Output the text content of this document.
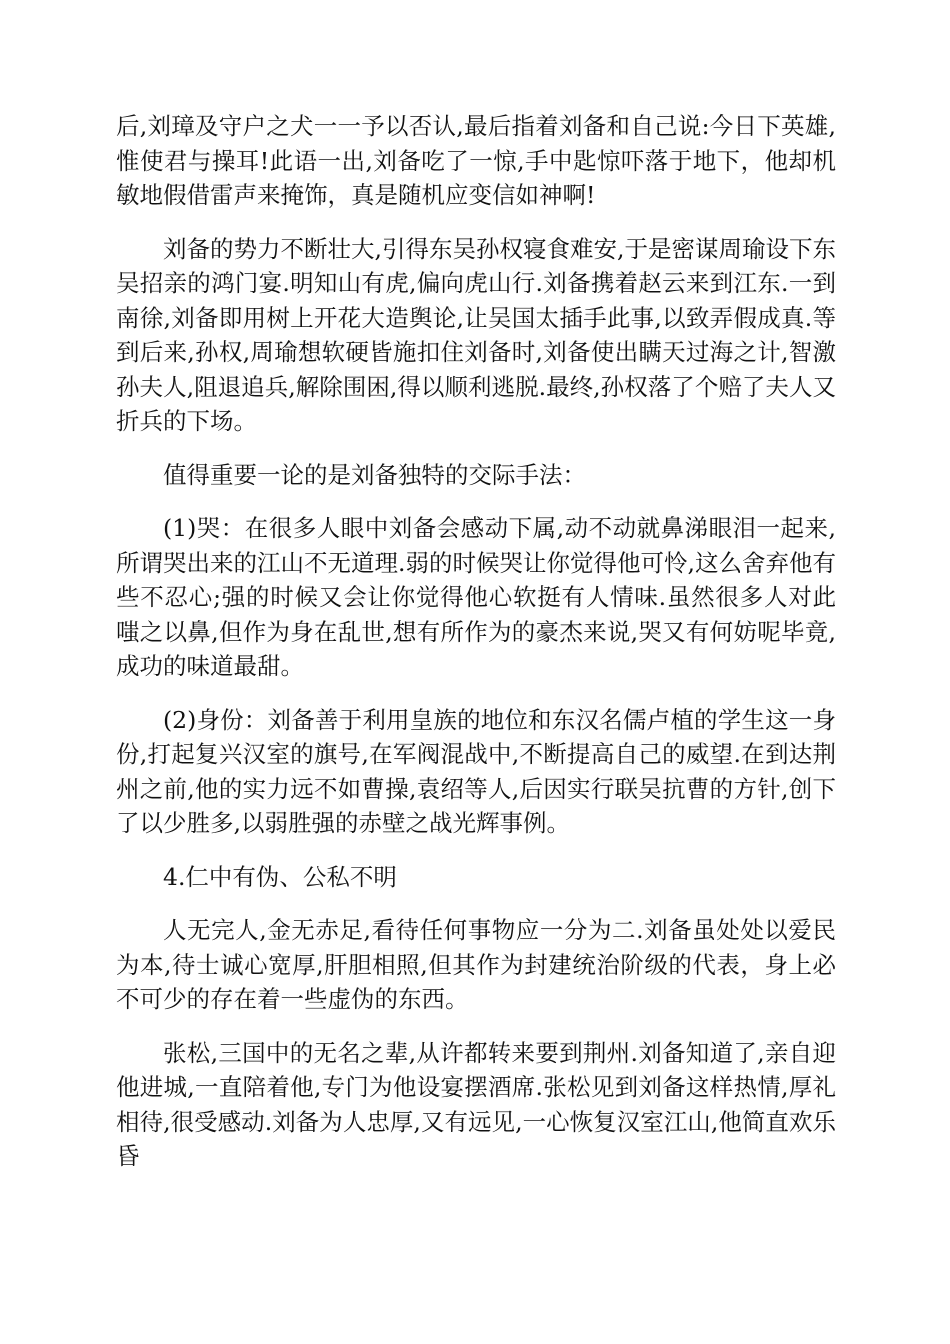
后,刘璋及守户之犬一一予以否认,最后指着刘备和自己说:今日下英雄,惟使君与操耳!此语一出,刘备吃了一惊,手中匙惊吓落于地下，他却机敏地假借雷声来掩饰，真是随机应变信如神啊!

刘备的势力不断壮大,引得东吴孙权寝食难安,于是密谋周瑜设下东吴招亲的鸿门宴.明知山有虎,偏向虎山行.刘备携着赵云来到江东.一到南徐,刘备即用树上开花大造舆论,让吴国太插手此事,以致弄假成真.等到后来,孙权,周瑜想软硬皆施扣住刘备时,刘备使出瞒天过海之计,智激孙夫人,阻退追兵,解除围困,得以顺利逃脱.最终,孙权落了个赔了夫人又折兵的下场。

值得重要一论的是刘备独特的交际手法：

(1)哭：在很多人眼中刘备会感动下属,动不动就鼻涕眼泪一起来,所谓哭出来的江山不无道理.弱的时候哭让你觉得他可怜,这么舍弃他有些不忍心;强的时候又会让你觉得他心软挺有人情味.虽然很多人对此嗤之以鼻,但作为身在乱世,想有所作为的豪杰来说,哭又有何妨呢毕竟,成功的味道最甜。

(2)身份：刘备善于利用皇族的地位和东汉名儒卢植的学生这一身份,打起复兴汉室的旗号,在军阀混战中,不断提高自己的威望.在到达荆州之前,他的实力远不如曹操,袁绍等人,后因实行联吴抗曹的方针,创下了以少胜多,以弱胜强的赤壁之战光辉事例。

4.仁中有伪、公私不明

人无完人,金无赤足,看待任何事物应一分为二.刘备虽处处以爱民为本,待士诚心宽厚,肝胆相照,但其作为封建统治阶级的代表，身上必不可少的存在着一些虚伪的东西。

张松,三国中的无名之辈,从许都转来要到荆州.刘备知道了,亲自迎他进城,一直陪着他,专门为他设宴摆酒席.张松见到刘备这样热情,厚礼相待,很受感动.刘备为人忠厚,又有远见,一心恢复汉室江山,他简直欢乐昏
